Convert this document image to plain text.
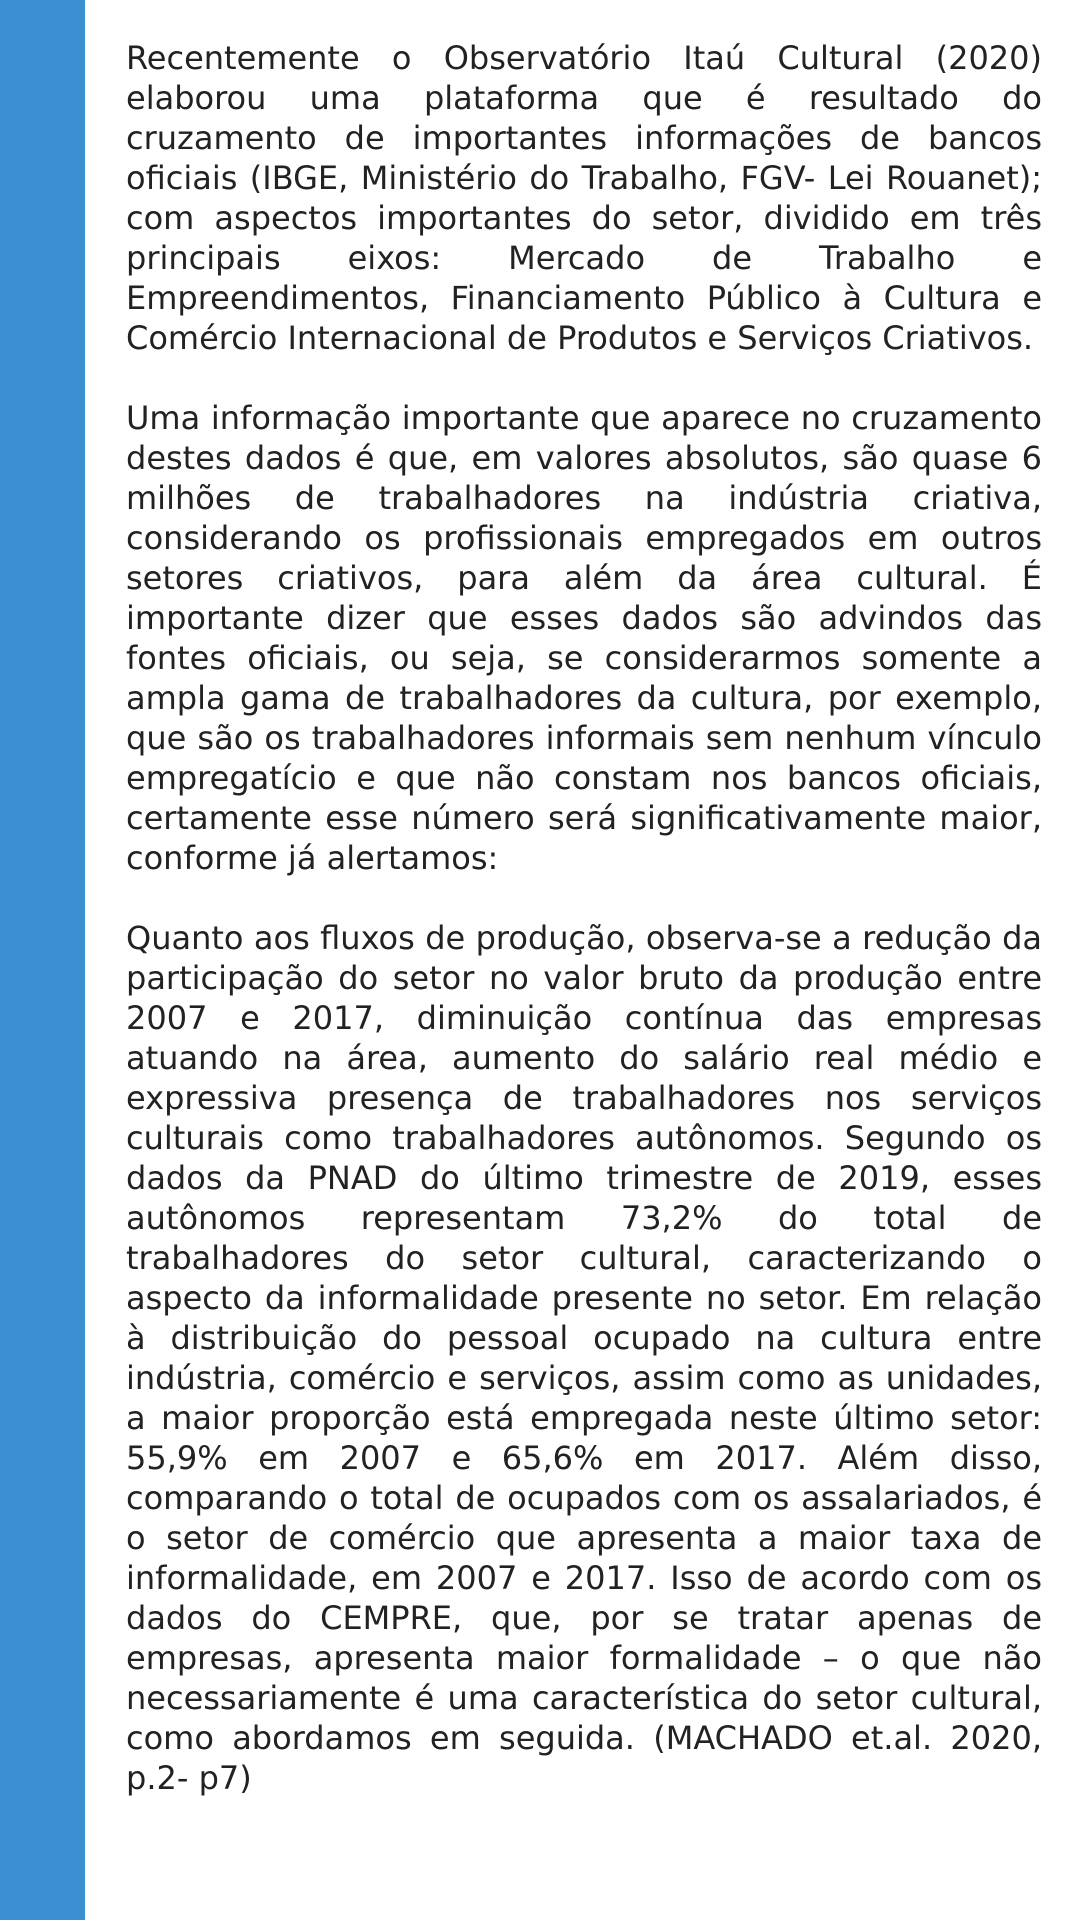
Recentemente o Observatório Itaú Cultural (2020) elaborou uma plataforma que é resultado do cruzamento de importantes informações de bancos oficiais (IBGE, Ministério do Trabalho, FGV- Lei Rouanet); com aspectos importantes do setor, dividido em três principais eixos: Mercado de Trabalho e Empreendimentos, Financiamento Público à Cultura e Comércio Internacional de Produtos e Serviços Criativos.

Uma informação importante que aparece no cruzamento destes dados é que, em valores absolutos, são quase 6 milhões de trabalhadores na indústria criativa, considerando os profissionais empregados em outros setores criativos, para além da área cultural. É importante dizer que esses dados são advindos das fontes oficiais, ou seja, se considerarmos somente a ampla gama de trabalhadores da cultura, por exemplo, que são os trabalhadores informais sem nenhum vínculo empregatício e que não constam nos bancos oficiais, certamente esse número será significativamente maior, conforme já alertamos:

Quanto aos fluxos de produção, observa-se a redução da participação do setor no valor bruto da produção entre 2007 e 2017, diminuição contínua das empresas atuando na área, aumento do salário real médio e expressiva presença de trabalhadores nos serviços culturais como trabalhadores autônomos. Segundo os dados da PNAD do último trimestre de 2019, esses autônomos representam 73,2% do total de trabalhadores do setor cultural, caracterizando o aspecto da informalidade presente no setor. Em relação à distribuição do pessoal ocupado na cultura entre indústria, comércio e serviços, assim como as unidades, a maior proporção está empregada neste último setor: 55,9% em 2007 e 65,6% em 2017. Além disso, comparando o total de ocupados com os assalariados, é o setor de comércio que apresenta a maior taxa de informalidade, em 2007 e 2017. Isso de acordo com os dados do CEMPRE, que, por se tratar apenas de empresas, apresenta maior formalidade – o que não necessariamente é uma característica do setor cultural, como abordamos em seguida. (MACHADO et.al. 2020, p.2- p7)
